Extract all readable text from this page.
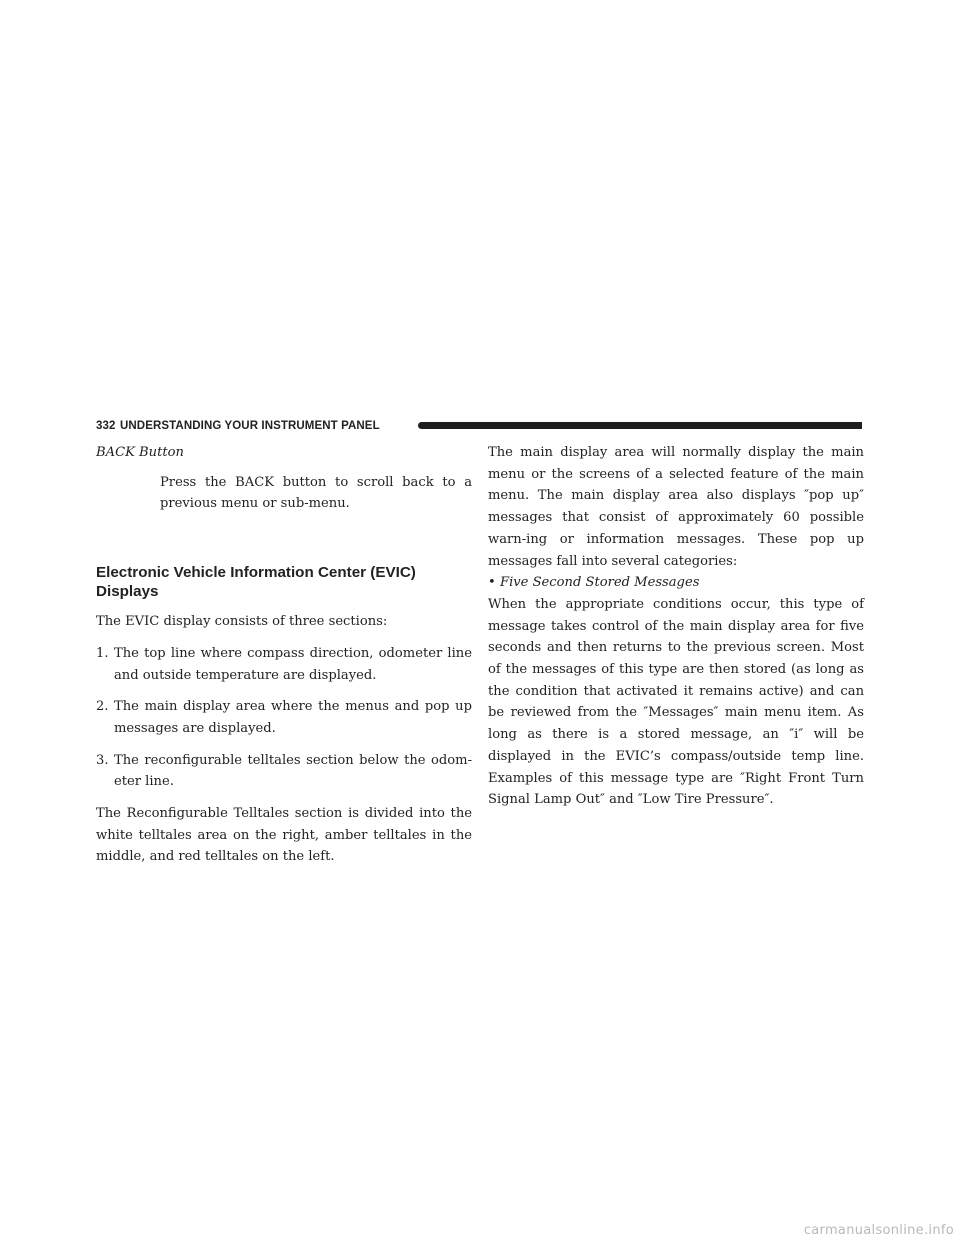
332 UNDERSTANDING YOUR INSTRUMENT PANEL

BACK Button

Press the BACK button to scroll back to a previous menu or sub-menu.

Electronic Vehicle Information Center (EVIC) Displays

The EVIC display consists of three sections:

1. The top line where compass direction, odometer line and outside temperature are displayed.
2. The main display area where the menus and pop up messages are displayed.
3. The reconfigurable telltales section below the odom-eter line.

The Reconfigurable Telltales section is divided into the white telltales area on the right, amber telltales in the middle, and red telltales on the left.

The main display area will normally display the main menu or the screens of a selected feature of the main menu. The main display area also displays ″pop up″ messages that consist of approximately 60 possible warn-ing or information messages. These pop up messages fall into several categories:

• Five Second Stored Messages

When the appropriate conditions occur, this type of message takes control of the main display area for five seconds and then returns to the previous screen. Most of the messages of this type are then stored (as long as the condition that activated it remains active) and can be reviewed from the ″Messages″ main menu item. As long as there is a stored message, an ″i″ will be displayed in the EVIC’s compass/outside temp line. Examples of this message type are ″Right Front Turn Signal Lamp Out″ and ″Low Tire Pressure″.

carmanualsonline.info
